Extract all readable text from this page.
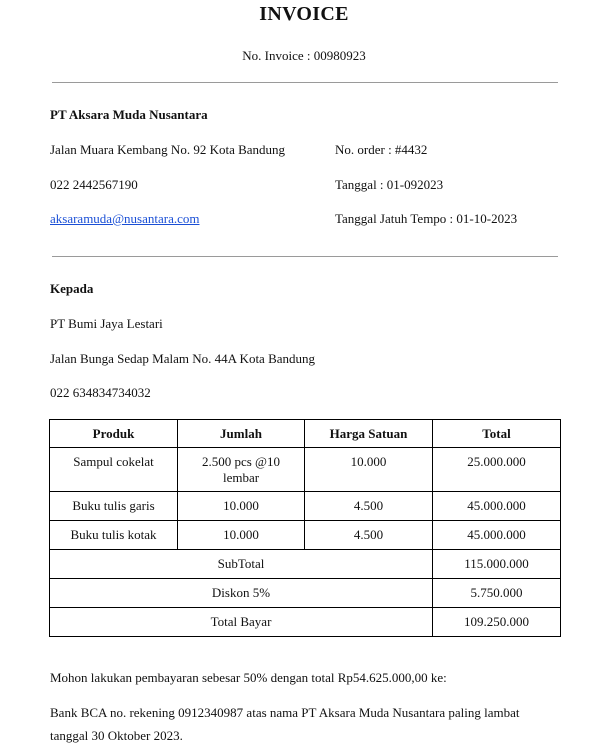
INVOICE
No. Invoice : 00980923
PT Aksara Muda Nusantara
Jalan Muara Kembang No. 92 Kota Bandung
022 2442567190
aksaramuda@nusantara.com
No. order : #4432
Tanggal : 01-092023
Tanggal Jatuh Tempo : 01-10-2023
Kepada
PT Bumi Jaya Lestari
Jalan Bunga Sedap Malam No. 44A Kota Bandung
022 634834734032
Produk	Jumlah	Harga Satuan	Total
Sampul cokelat	2.500 pcs @10 lembar	10.000	25.000.000
Buku tulis garis	10.000	4.500	45.000.000
Buku tulis kotak	10.000	4.500	45.000.000
SubTotal			115.000.000
Diskon 5%			5.750.000
Total Bayar			109.250.000
Mohon lakukan pembayaran sebesar 50% dengan total Rp54.625.000,00 ke:
Bank BCA no. rekening 0912340987 atas nama PT Aksara Muda Nusantara paling lambat
tanggal 30 Oktober 2023.
